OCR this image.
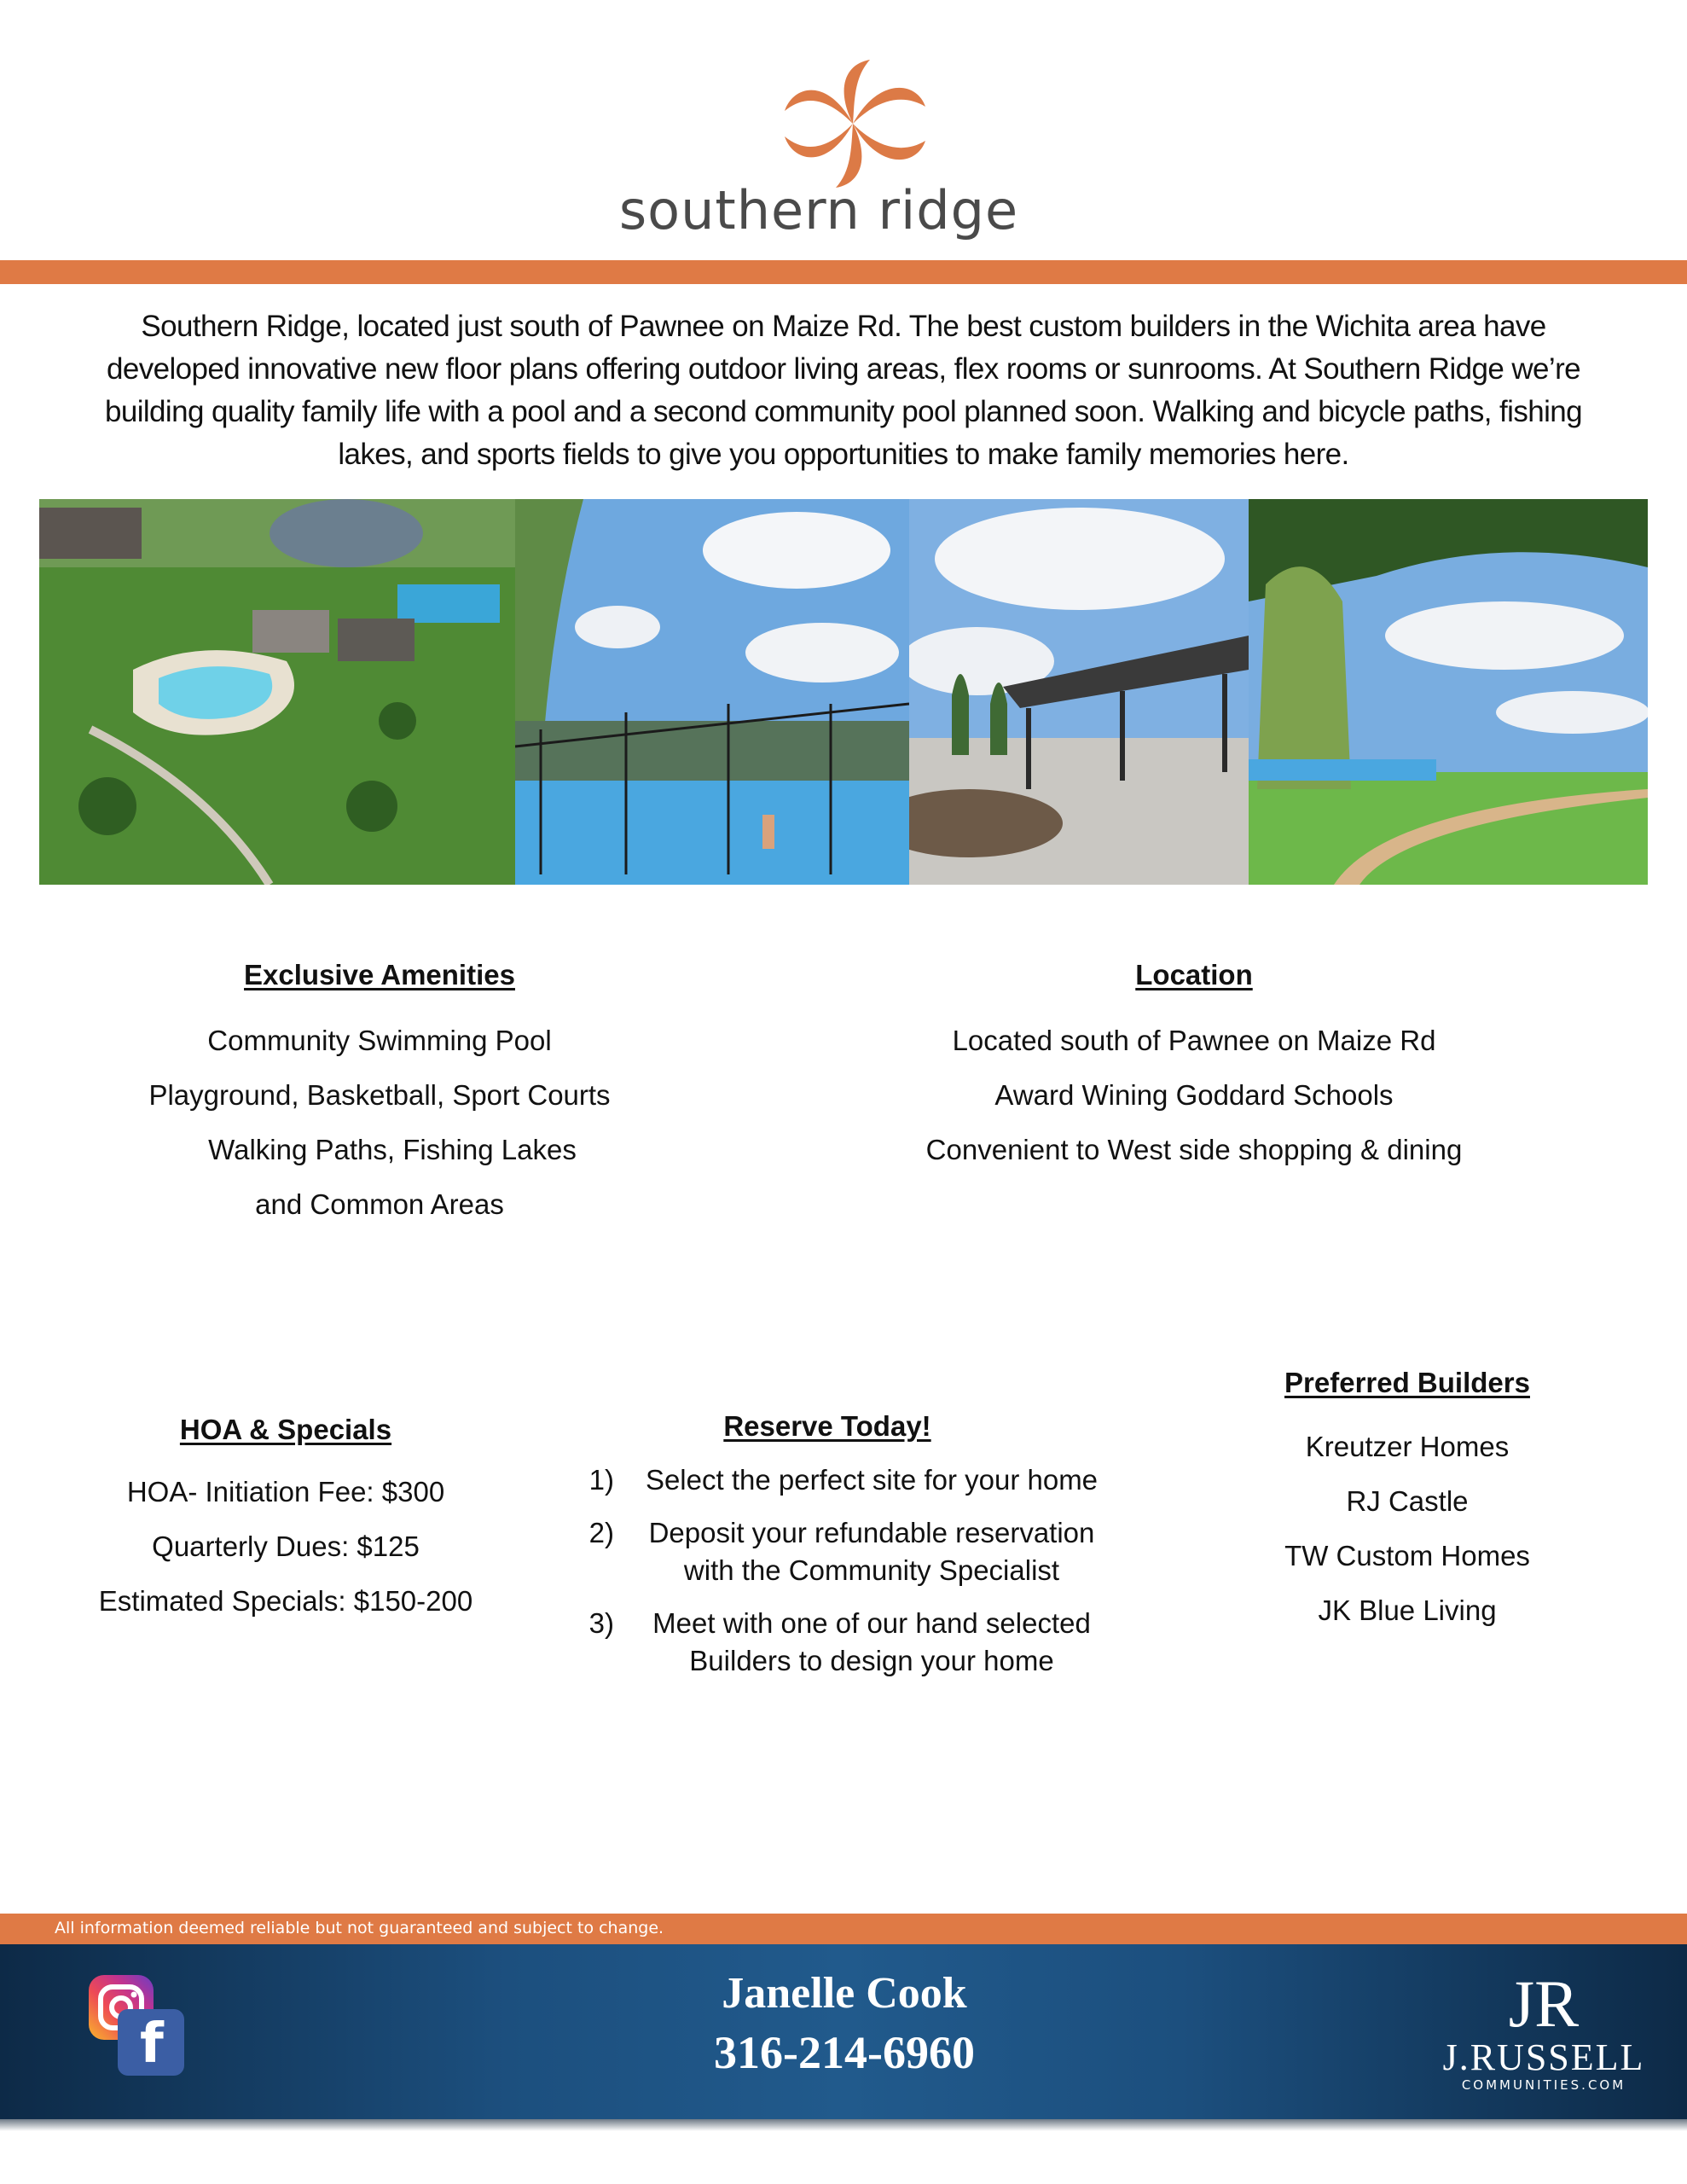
southern ridge

Southern Ridge, located just south of Pawnee on Maize Rd. The best custom builders in the Wichita area have developed innovative new floor plans offering outdoor living areas, flex rooms or sunrooms. At Southern Ridge we’re building quality family life with a pool and a second community pool planned soon. Walking and bicycle paths, fishing lakes, and sports fields to give you opportunities to make family memories here.

Exclusive Amenities

Community Swimming Pool

Playground, Basketball, Sport Courts

Walking Paths, Fishing Lakes

and Common Areas

Location

Located south of Pawnee on Maize Rd

Award Wining Goddard Schools

Convenient to West side shopping & dining

HOA & Specials

HOA- Initiation Fee: $300

Quarterly Dues: $125

Estimated Specials: $150-200

Reserve Today!
1)	Select the perfect site for your home
2)	Deposit your refundable reservation with the Community Specialist
3)	Meet with one of our hand selected Builders to design your home
Preferred Builders

Kreutzer Homes

RJ Castle

TW Custom Homes

JK Blue Living

All information deemed reliable but not guaranteed and subject to change.
f
Janelle Cook
316-214-6960
JR
J.RUSSELL
COMMUNITIES.COM
